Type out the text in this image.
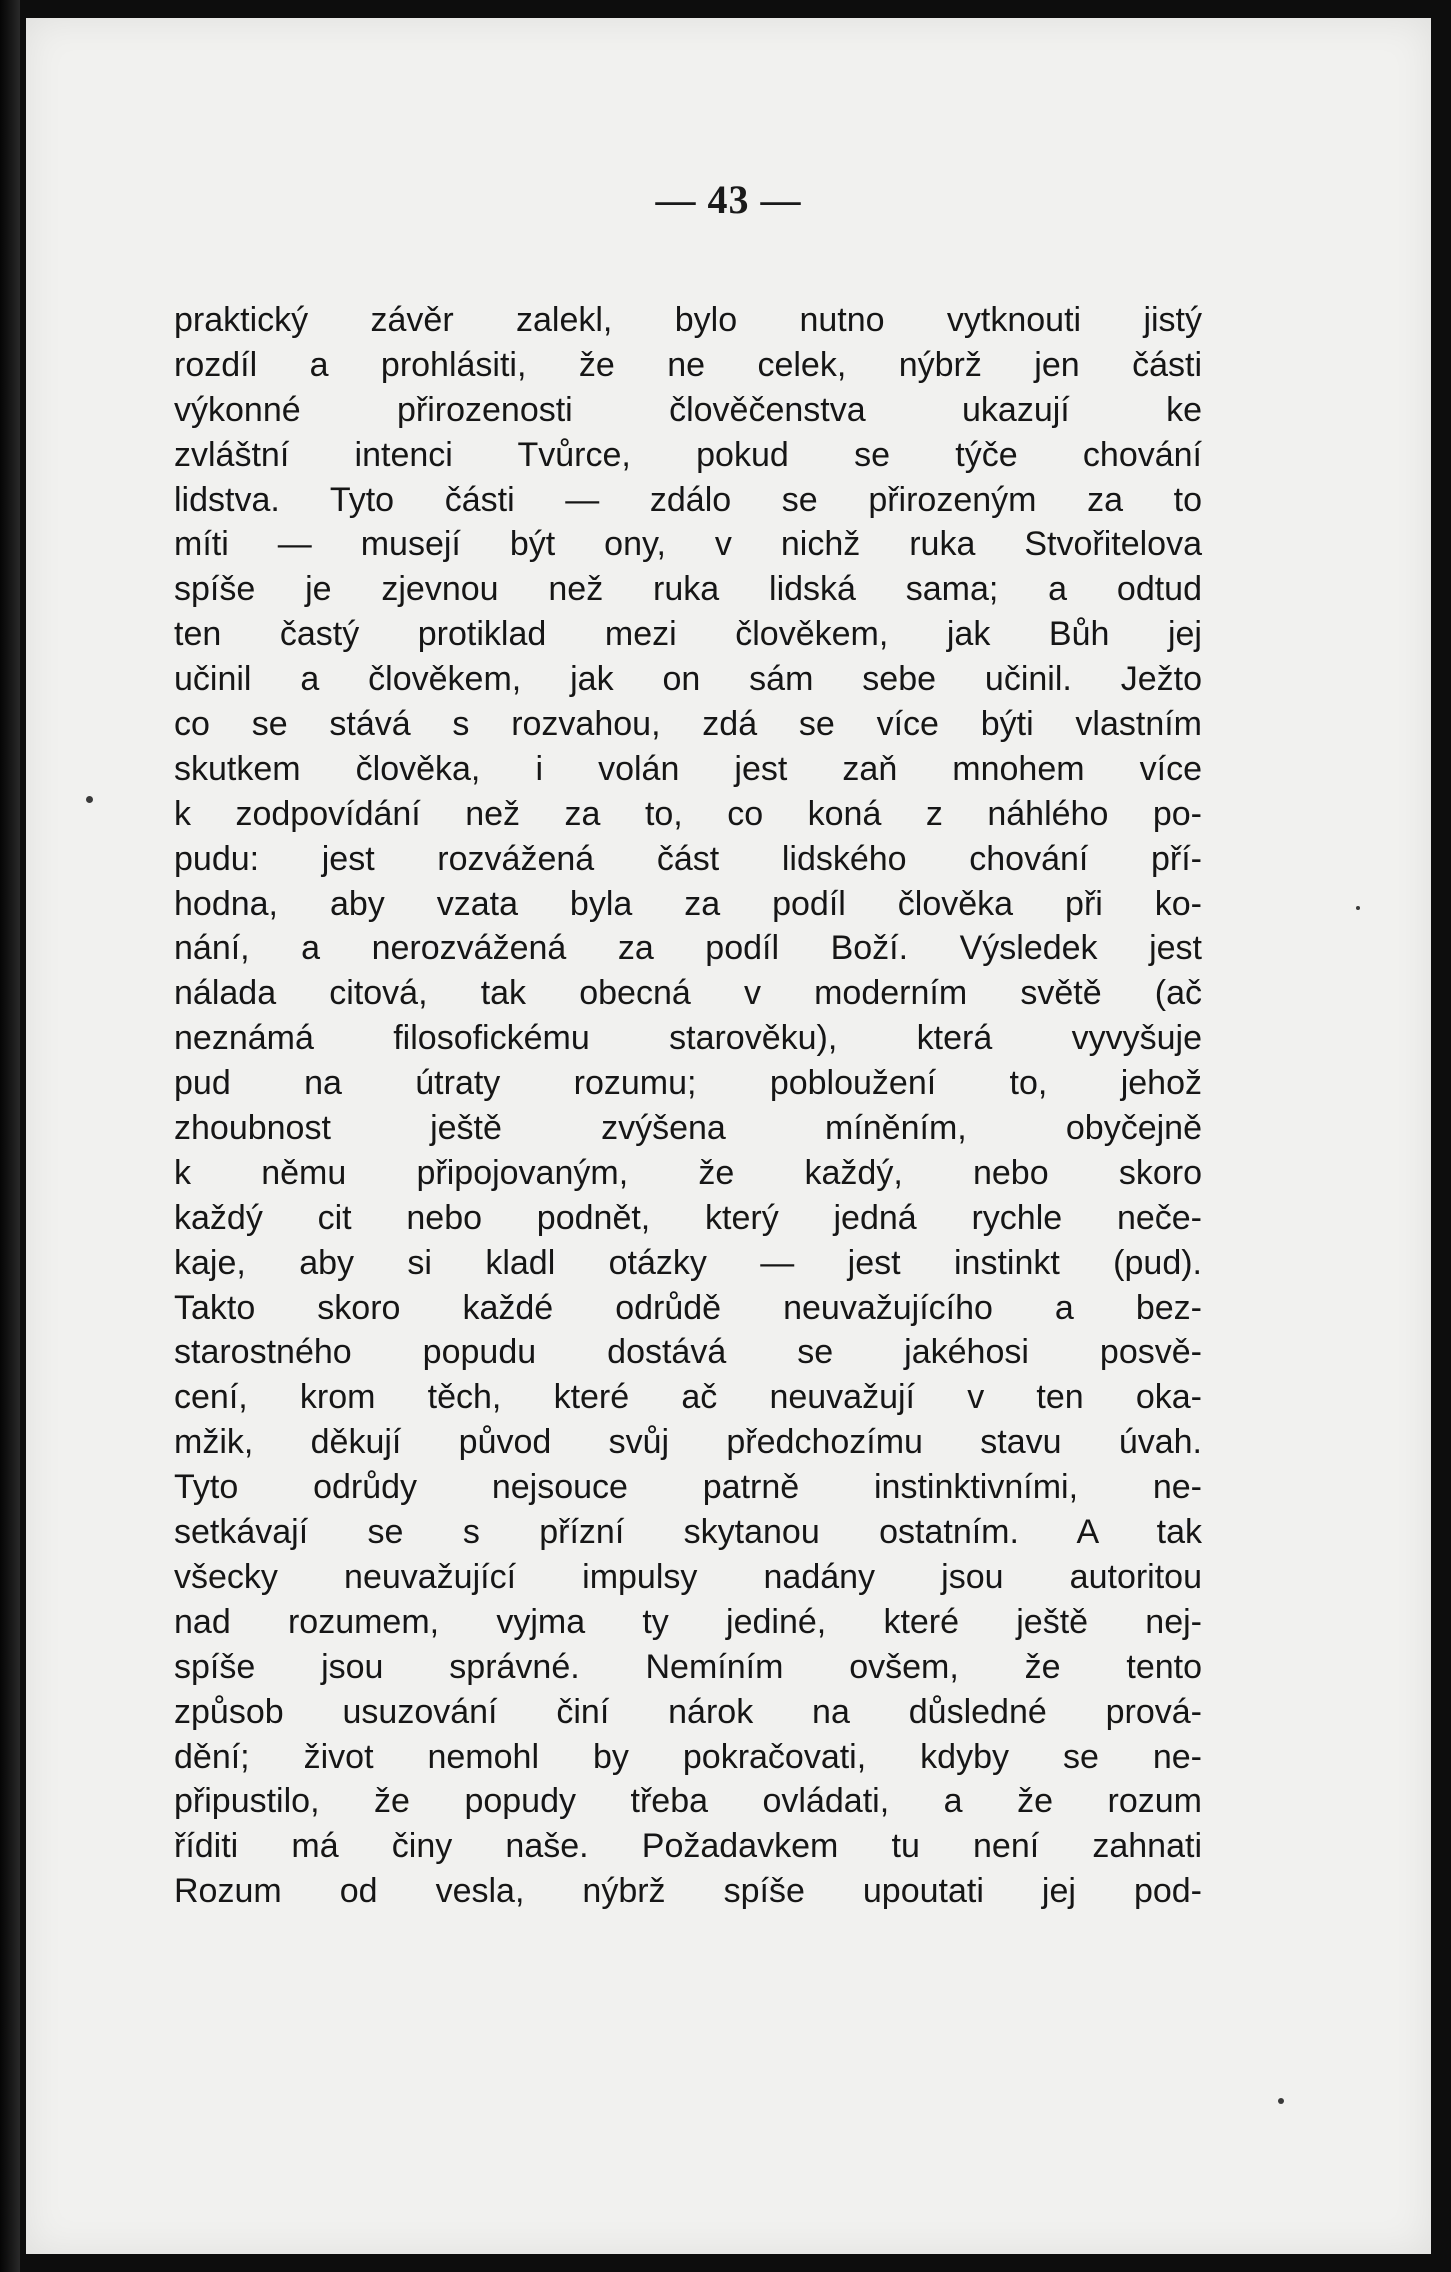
— 43 —
praktický závěr zalekl, bylo nutno vytknouti jistý
rozdíl a prohlásiti, že ne celek, nýbrž jen části
výkonné přirozenosti člověčenstva ukazují ke
zvláštní intenci Tvůrce, pokud se týče chování
lidstva. Tyto části — zdálo se přirozeným za to
míti — musejí být ony, v nichž ruka Stvořitelova
spíše je zjevnou než ruka lidská sama; a odtud
ten častý protiklad mezi člověkem, jak Bůh jej
učinil a člověkem, jak on sám sebe učinil. Ježto
co se stává s rozvahou, zdá se více býti vlastním
skutkem člověka, i volán jest zaň mnohem více
k zodpovídání než za to, co koná z náhlého po-
pudu: jest rozvážená část lidského chování pří-
hodna, aby vzata byla za podíl člověka při ko-
nání, a nerozvážená za podíl Boží. Výsledek jest
nálada citová, tak obecná v moderním světě (ač
neznámá filosofickému starověku), která vyvyšuje
pud na útraty rozumu; pobloužení to, jehož
zhoubnost ještě zvýšena míněním, obyčejně
k němu připojovaným, že každý, nebo skoro
každý cit nebo podnět, který jedná rychle neče-
kaje, aby si kladl otázky — jest instinkt (pud).
Takto skoro každé odrůdě neuvažujícího a bez-
starostného popudu dostává se jakéhosi posvě-
cení, krom těch, které ač neuvažují v ten oka-
mžik, děkují původ svůj předchozímu stavu úvah.
Tyto odrůdy nejsouce patrně instinktivními, ne-
setkávají se s přízní skytanou ostatním. A tak
všecky neuvažující impulsy nadány jsou autoritou
nad rozumem, vyjma ty jediné, které ještě nej-
spíše jsou správné. Nemíním ovšem, že tento
způsob usuzování činí nárok na důsledné prová-
dění; život nemohl by pokračovati, kdyby se ne-
připustilo, že popudy třeba ovládati, a že rozum
říditi má činy naše. Požadavkem tu není zahnati
Rozum od vesla, nýbrž spíše upoutati jej pod-
